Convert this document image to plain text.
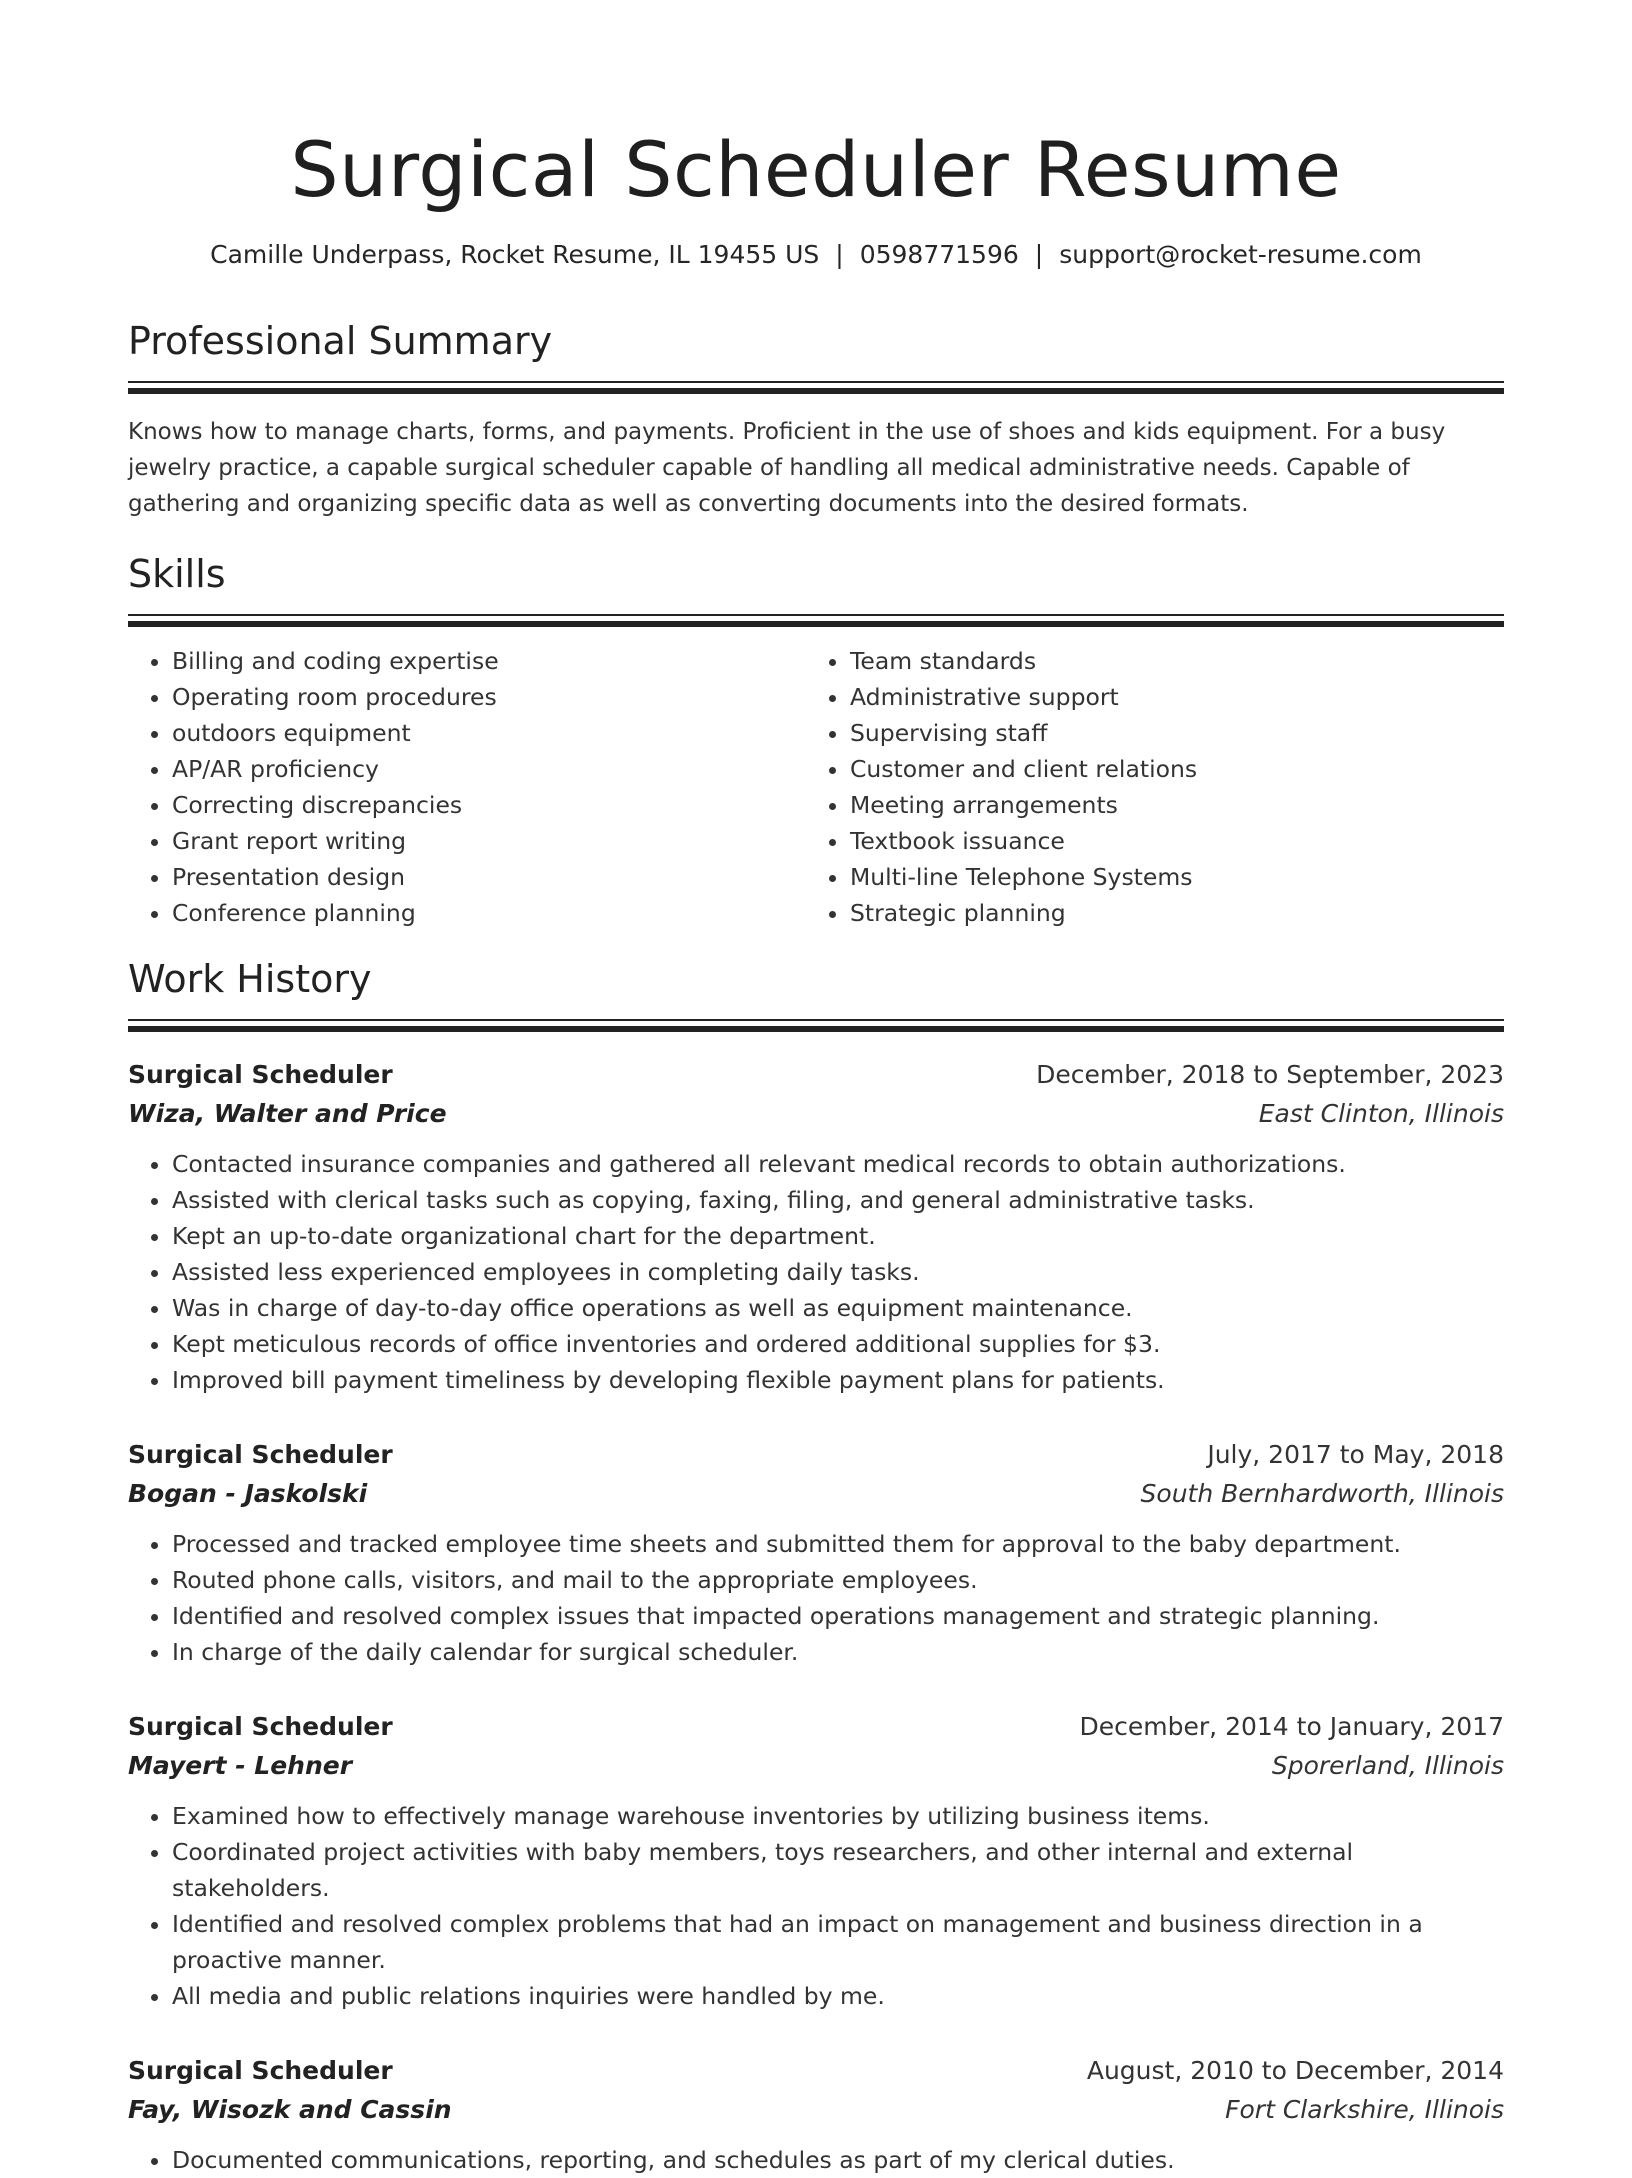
Surgical Scheduler Resume
Camille Underpass, Rocket Resume, IL 19455 US | 0598771596 | support@rocket-resume.com
Professional Summary

Knows how to manage charts, forms, and payments. Proficient in the use of shoes and kids equipment. For a busy jewelry practice, a capable surgical scheduler capable of handling all medical administrative needs. Capable of gathering and organizing specific data as well as converting documents into the desired formats.

Skills
• Billing and coding expertise
• Operating room procedures
• outdoors equipment
• AP/AR proficiency
• Correcting discrepancies
• Grant report writing
• Presentation design
• Conference planning
• Team standards
• Administrative support
• Supervising staff
• Customer and client relations
• Meeting arrangements
• Textbook issuance
• Multi-line Telephone Systems
• Strategic planning
Work History
Surgical Scheduler	December, 2018 to September, 2023
Wiza, Walter and Price	East Clinton, Illinois
• Contacted insurance companies and gathered all relevant medical records to obtain authorizations.
• Assisted with clerical tasks such as copying, faxing, filing, and general administrative tasks.
• Kept an up-to-date organizational chart for the department.
• Assisted less experienced employees in completing daily tasks.
• Was in charge of day-to-day office operations as well as equipment maintenance.
• Kept meticulous records of office inventories and ordered additional supplies for $3.
• Improved bill payment timeliness by developing flexible payment plans for patients.
Surgical Scheduler	July, 2017 to May, 2018
Bogan - Jaskolski	South Bernhardworth, Illinois
• Processed and tracked employee time sheets and submitted them for approval to the baby department.
• Routed phone calls, visitors, and mail to the appropriate employees.
• Identified and resolved complex issues that impacted operations management and strategic planning.
• In charge of the daily calendar for surgical scheduler.
Surgical Scheduler	December, 2014 to January, 2017
Mayert - Lehner	Sporerland, Illinois
• Examined how to effectively manage warehouse inventories by utilizing business items.
• Coordinated project activities with baby members, toys researchers, and other internal and external stakeholders.
• Identified and resolved complex problems that had an impact on management and business direction in a proactive manner.
• All media and public relations inquiries were handled by me.
Surgical Scheduler	August, 2010 to December, 2014
Fay, Wisozk and Cassin	Fort Clarkshire, Illinois
• Documented communications, reporting, and schedules as part of my clerical duties.
